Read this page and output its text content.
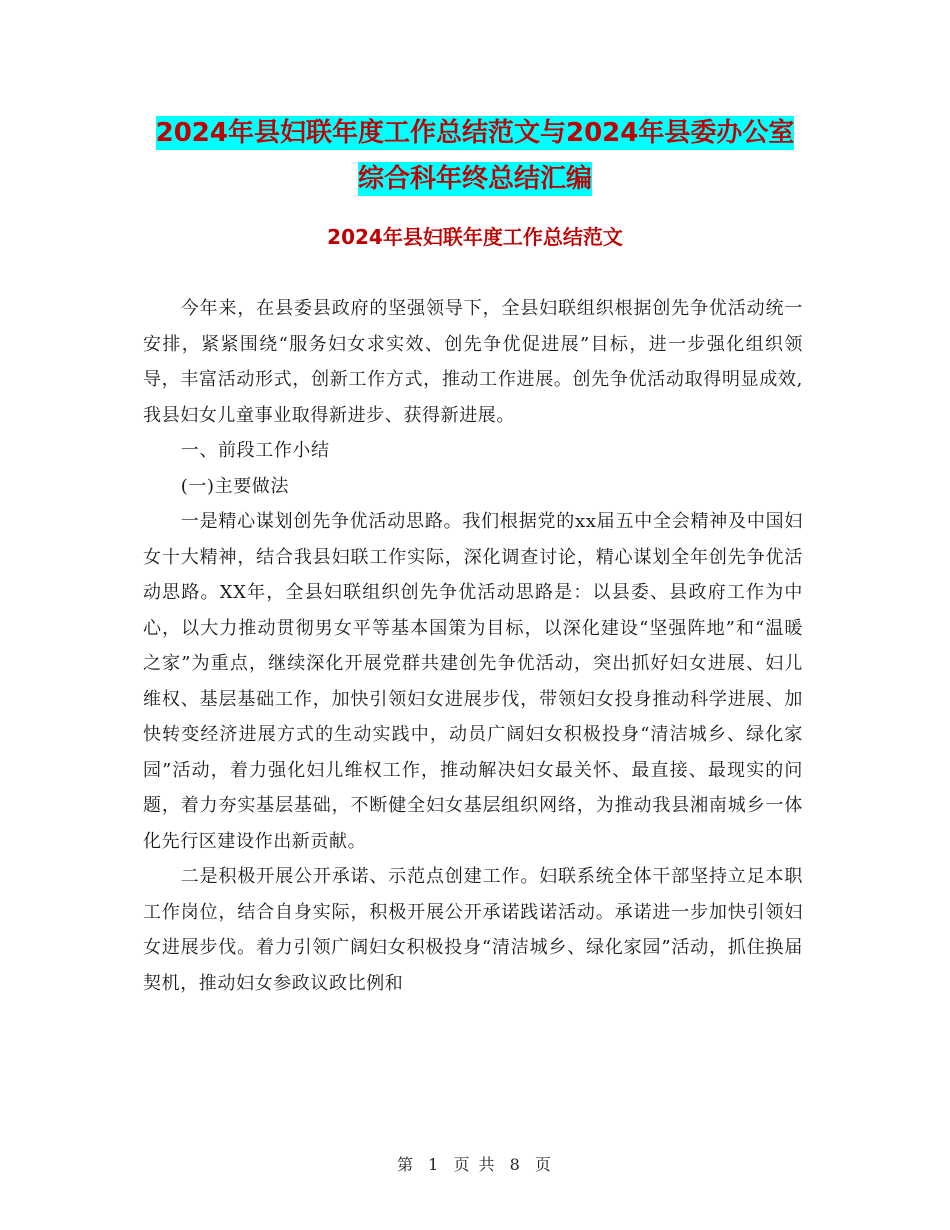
2024年县妇联年度工作总结范文与2024年县委办公室
综合科年终总结汇编
2024年县妇联年度工作总结范文

今年来，在县委县政府的坚强领导下，全县妇联组织根据创先争优活动统一安排，紧紧围绕“服务妇女求实效、创先争优促进展”目标，进一步强化组织领导，丰富活动形式，创新工作方式，推动工作进展。创先争优活动取得明显成效,我县妇女儿童事业取得新进步、获得新进展。

一、前段工作小结

(一)主要做法

一是精心谋划创先争优活动思路。我们根据党的xx届五中全会精神及中国妇女十大精神，结合我县妇联工作实际，深化调查讨论，精心谋划全年创先争优活动思路。XX年，全县妇联组织创先争优活动思路是：以县委、县政府工作为中心，以大力推动贯彻男女平等基本国策为目标，以深化建设“坚强阵地”和“温暖之家”为重点，继续深化开展党群共建创先争优活动，突出抓好妇女进展、妇儿维权、基层基础工作，加快引领妇女进展步伐，带领妇女投身推动科学进展、加快转变经济进展方式的生动实践中，动员广阔妇女积极投身“清洁城乡、绿化家园”活动，着力强化妇儿维权工作，推动解决妇女最关怀、最直接、最现实的问题，着力夯实基层基础，不断健全妇女基层组织网络，为推动我县湘南城乡一体化先行区建设作出新贡献。

二是积极开展公开承诺、示范点创建工作。妇联系统全体干部坚持立足本职工作岗位，结合自身实际，积极开展公开承诺践诺活动。承诺进一步加快引领妇女进展步伐。着力引领广阔妇女积极投身“清洁城乡、绿化家园”活动，抓住换届契机，推动妇女参政议政比例和

第 1 页 共 8 页
